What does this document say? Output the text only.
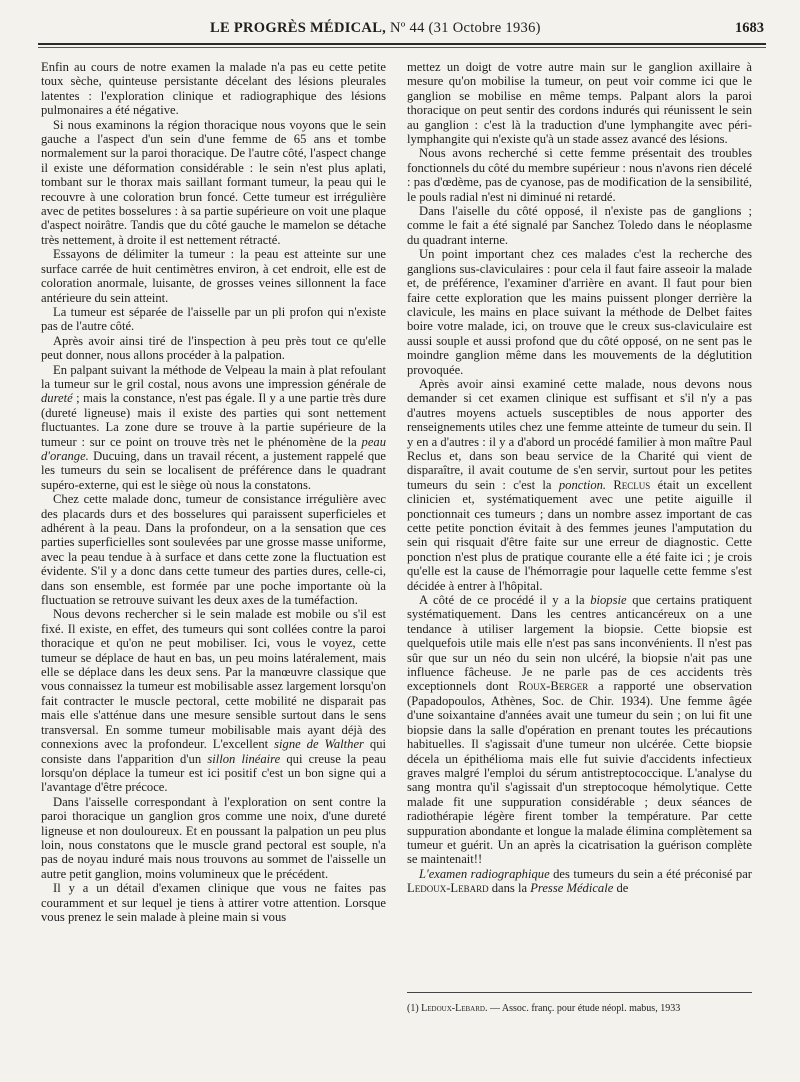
LE PROGRÈS MÉDICAL, Nº 44 (31 Octobre 1936)	1683

Enfin au cours de notre examen la malade n'a pas eu cette petite toux sèche, quinteuse persistante décelant des lésions pleurales latentes : l'exploration clinique et radiographique des lésions pulmonaires a été négative.

Si nous examinons la région thoracique nous voyons que le sein gauche a l'aspect d'un sein d'une femme de 65 ans et tombe normalement sur la paroi thoracique. De l'autre côté, l'aspect change il existe une déformation considérable : le sein n'est plus aplati, tombant sur le thorax mais saillant formant tumeur, la peau qui le recouvre à une coloration brun foncé. Cette tumeur est irrégulière avec de petites bosselures : à sa partie supérieure on voit une plaque d'aspect noirâtre. Tandis que du côté gauche le mamelon se détache très nettement, à droite il est nettement rétracté.

Essayons de délimiter la tumeur : la peau est atteinte sur une surface carrée de huit centimètres environ, à cet endroit, elle est de coloration anormale, luisante, de grosses veines sillonnent la face antérieure du sein atteint.

La tumeur est séparée de l'aisselle par un pli profon qui n'existe pas de l'autre côté.

Après avoir ainsi tiré de l'inspection à peu près tout ce qu'elle peut donner, nous allons procéder à la palpation.

En palpant suivant la méthode de Velpeau la main à plat refoulant la tumeur sur le gril costal, nous avons une impression générale de dureté ; mais la constance, n'est pas égale. Il y a une partie très dure (dureté ligneuse) mais il existe des parties qui sont nettement fluctuantes. La zone dure se trouve à la partie supérieure de la tumeur : sur ce point on trouve très net le phénomène de la peau d'orange. Ducuing, dans un travail récent, a justement rappelé que les tumeurs du sein se localisent de préférence dans le quadrant supéro-externe, qui est le siège où nous la constatons.

Chez cette malade donc, tumeur de consistance irrégulière avec des placards durs et des bosselures qui paraissent superficieles et adhérent à la peau. Dans la profondeur, on a la sensation que ces parties superficielles sont soulevées par une grosse masse uniforme, avec la peau tendue à à surface et dans cette zone la fluctuation est évidente. S'il y a donc dans cette tumeur des parties dures, celle-ci, dans son ensemble, est formée par une poche importante où la fluctuation se retrouve suivant les deux axes de la tuméfaction.

Nous devons rechercher si le sein malade est mobile ou s'il est fixé. Il existe, en effet, des tumeurs qui sont collées contre la paroi thoracique et qu'on ne peut mobiliser. Ici, vous le voyez, cette tumeur se déplace de haut en bas, un peu moins latéralement, mais elle se déplace dans les deux sens. Par la manœuvre classique que vous connaissez la tumeur est mobilisable assez largement lorsqu'on fait contracter le muscle pectoral, cette mobilité ne disparait pas mais elle s'atténue dans une mesure sensible surtout dans le sens transversal. En somme tumeur mobilisable mais ayant déjà des connexions avec la profondeur. L'excellent signe de Walther qui consiste dans l'apparition d'un sillon linéaire qui creuse la peau lorsqu'on déplace la tumeur est ici positif c'est un bon signe qui a l'avantage d'être précoce.

Dans l'aisselle correspondant à l'exploration on sent contre la paroi thoracique un ganglion gros comme une noix, d'une dureté ligneuse et non douloureux. Et en poussant la palpation un peu plus loin, nous constatons que le muscle grand pectoral est souple, n'a pas de noyau induré mais nous trouvons au sommet de l'aisselle un autre petit ganglion, moins volumineux que le précédent.

Il y a un détail d'examen clinique que vous ne faites pas couramment et sur lequel je tiens à attirer votre attention. Lorsque vous prenez le sein malade à pleine main si vous

mettez un doigt de votre autre main sur le ganglion axillaire à mesure qu'on mobilise la tumeur, on peut voir comme ici que le ganglion se mobilise en même temps. Palpant alors la paroi thoracique on peut sentir des cordons indurés qui réunissent le sein au ganglion : c'est là la traduction d'une lymphangite avec péri-lymphangite qui n'existe qu'à un stade assez avancé des lésions.

Nous avons recherché si cette femme présentait des troubles fonctionnels du côté du membre supérieur : nous n'avons rien décelé : pas d'œdème, pas de cyanose, pas de modification de la sensibilité, le pouls radial n'est ni diminué ni retardé.

Dans l'aiselle du côté opposé, il n'existe pas de ganglions ; comme le fait a été signalé par Sanchez Toledo dans le néoplasme du quadrant interne.

Un point important chez ces malades c'est la recherche des ganglions sus-claviculaires : pour cela il faut faire asseoir la malade et, de préférence, l'examiner d'arrière en avant. Il faut pour bien faire cette exploration que les mains puissent plonger derrière la clavicule, les mains en place suivant la méthode de Delbet faites boire votre malade, ici, on trouve que le creux sus-claviculaire est aussi souple et aussi profond que du côté opposé, on ne sent pas le moindre ganglion même dans les mouvements de la déglutition provoquée.

Après avoir ainsi examiné cette malade, nous devons nous demander si cet examen clinique est suffisant et s'il n'y a pas d'autres moyens actuels susceptibles de nous apporter des renseignements utiles chez une femme atteinte de tumeur du sein. Il y en a d'autres : il y a d'abord un procédé familier à mon maître Paul Reclus et, dans son beau service de la Charité qui vient de disparaître, il avait coutume de s'en servir, surtout pour les petites tumeurs du sein : c'est la ponction. Reclus était un excellent clinicien et, systématiquement avec une petite aiguille il ponctionnait ces tumeurs ; dans un nombre assez important de cas cette petite ponction évitait à des femmes jeunes l'amputation du sein qui risquait d'être faite sur une erreur de diagnostic. Cette ponction n'est plus de pratique courante elle a été faite ici ; je crois qu'elle est la cause de l'hémorragie pour laquelle cette femme s'est décidée à entrer à l'hôpital.

A côté de ce procédé il y a la biopsie que certains pratiquent systématiquement. Dans les centres anticancéreux on a une tendance à utiliser largement la biopsie. Cette biopsie est quelquefois utile mais elle n'est pas sans inconvénients. Il n'est pas sûr que sur un néo du sein non ulcéré, la biopsie n'ait pas une influence fâcheuse. Je ne parle pas de ces accidents très exceptionnels dont Roux-Berger a rapporté une observation (Papadopoulos, Athènes, Soc. de Chir. 1934). Une femme âgée d'une soixantaine d'années avait une tumeur du sein ; on lui fit une biopsie dans la salle d'opération en prenant toutes les précautions habituelles. Il s'agissait d'une tumeur non ulcérée. Cette biopsie décela un épithélioma mais elle fut suivie d'accidents infectieux graves malgré l'emploi du sérum antistreptococcique. L'analyse du sang montra qu'il s'agissait d'un streptocoque hémolytique. Cette malade fit une suppuration considérable ; deux séances de radiothérapie légère firent tomber la température. Par cette suppuration abondante et longue la malade élimina complètement sa tumeur et guérit. Un an après la cicatrisation la guérison complète se maintenait!!

L'examen radiographique des tumeurs du sein a été préconisé par Ledoux-Lebard dans la Presse Médicale de

(1) Ledoux-Lebard. — Assoc. franç. pour étude néopl. mabus, 1933
